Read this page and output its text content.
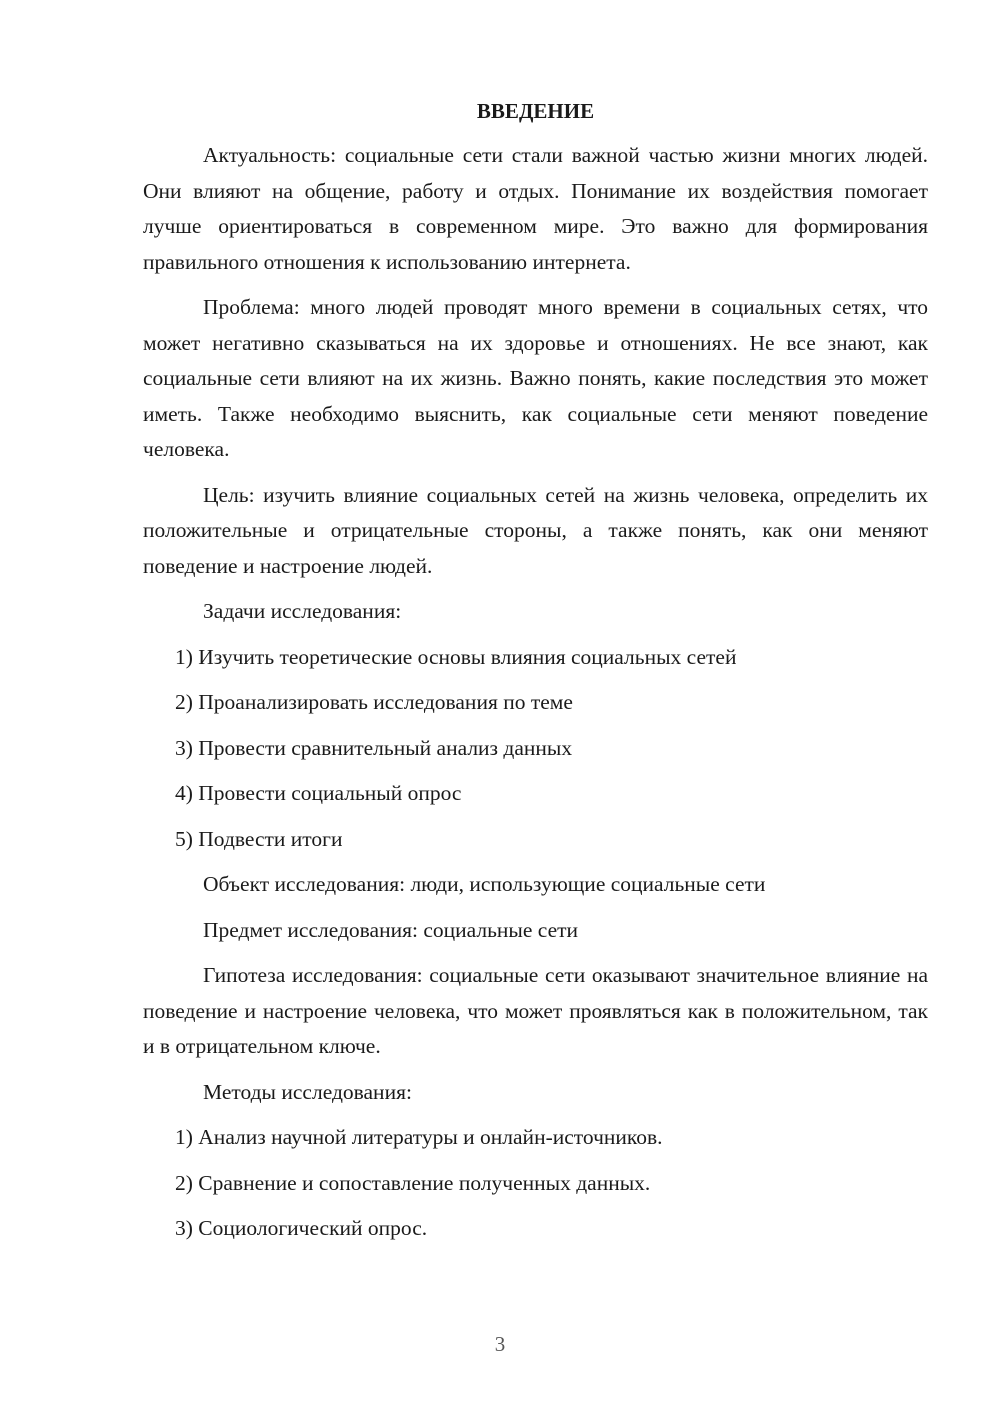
ВВЕДЕНИЕ

Актуальность: социальные сети стали важной частью жизни многих людей. Они влияют на общение, работу и отдых. Понимание их воздействия помогает лучше ориентироваться в современном мире. Это важно для формирования правильного отношения к использованию интернета.

Проблема: много людей проводят много времени в социальных сетях, что может негативно сказываться на их здоровье и отношениях. Не все знают, как социальные сети влияют на их жизнь. Важно понять, какие последствия это может иметь. Также необходимо выяснить, как социальные сети меняют поведение человека.

Цель: изучить влияние социальных сетей на жизнь человека, определить их положительные и отрицательные стороны, а также понять, как они меняют поведение и настроение людей.

Задачи исследования:

1) Изучить теоретические основы влияния социальных сетей

2) Проанализировать исследования по теме

3) Провести сравнительный анализ данных

4) Провести социальный опрос

5) Подвести итоги

Объект исследования: люди, использующие социальные сети

Предмет исследования: социальные сети

Гипотеза исследования: социальные сети оказывают значительное влияние на поведение и настроение человека, что может проявляться как в положительном, так и в отрицательном ключе.

Методы исследования:

1) Анализ научной литературы и онлайн-источников.

2) Сравнение и сопоставление полученных данных.

3) Социологический опрос.

3
